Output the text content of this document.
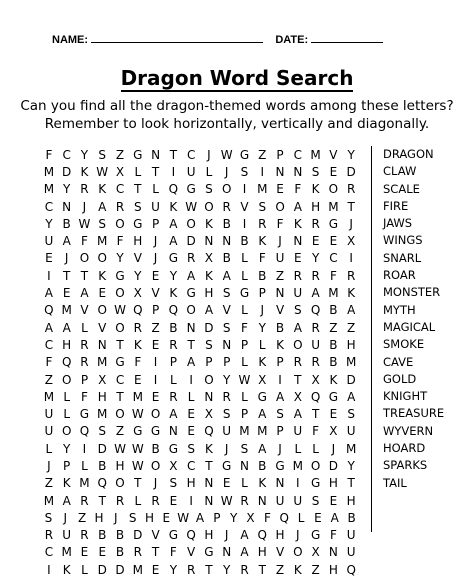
NAME:	DATE:
Dragon Word Search
Can you find all the dragon-themed words among these letters?
Remember to look horizontally, vertically and diagonally.
F C Y S Z G N T C J W G Z P C M V Y
M D K W X L T	I U L	J	S	I N N S E D
M Y R K C T L Q G S O I M E F K O R
C N J A R S U K W O R V S O A H M T
Y B W S O G P A O K B I R F K R G J
U A F M F H J A D N N B K	J N E E X
E	J O O Y V J G R X B L F U E Y C I
I	T T K G Y E Y A K A L B Z R R F R
A E A E O X V K G H S G P N U A M K
Q M V O W Q P Q O A V L	J V S Q B A
A A L V O R Z B N D S F Y B A R Z Z
C H R N T K E R T S N P L K O U B H
F Q R M G F	I	P A P P L K P R R B M
Z O P X C E	I	L	I O Y W X I	T X K D
M L F H T M E R L N R L G A X Q G A
U L G M O W O A E X S P A S A T E S
U O Q S Z G G N E Q U M M P U F X U
L Y	I D W W B G S K	J	S A J	L L	J M
J	P L B H W O X C T G N B G M O D Y
Z K M Q O T	J	S H N E L K N I G H T
M A R T R L R E	I N W R N U U S E H
S J Z H J S H E W A P Y X F Q L E A B
R U R B B D V G Q H J A Q H J G F U
C M E E B R T F V G N A H V O X N U
I	K L D D M E Y R T Y R T Z K Z H Q
DRAGON
CLAW
SCALE
FIRE
JAWS
WINGS
SNARL
ROAR
MONSTER
MYTH
MAGICAL
SMOKE
CAVE
GOLD
KNIGHT
TREASURE
WYVERN
HOARD
SPARKS
TAIL
